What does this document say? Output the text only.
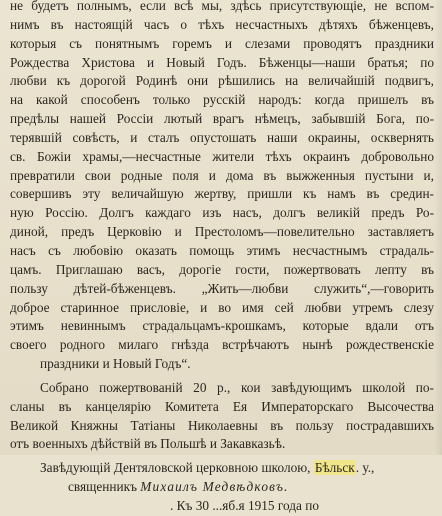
не будетъ полнымъ, если всѣ мы, здѣсь присутствующіе, не вспом-
нимъ въ настоящій часъ о тѣхъ несчастныхъ дѣтяхъ бѣженцевъ,
которыя съ понятнымъ горемъ и слезами проводятъ праздники
Рождества Христова и Новый Годъ. Бѣженцы—наши братья; по
любви къ дорогой Родинѣ они рѣшились на величайшій подвигъ,
на какой способенъ только русскій народъ: когда пришелъ въ
предѣлы нашей Россіи лютый врагъ нѣмецъ, забывшій Бога, по-
терявшій совѣсть, и сталъ опустошать наши окраины, осквернять
св. Божіи храмы,—несчастные жители тѣхъ окраинъ добровольно
превратили свои родные поля и дома въ выжженныя пустыни и,
совершивъ эту величайшую жертву, пришли къ намъ въ средин-
ную Россію. Долгъ каждаго изъ насъ, долгъ великій предъ Ро-
диной, предъ Церковію и Престоломъ—повелительно заставляетъ
насъ съ любовію оказать помощь этимъ несчастнымъ страдаль-
цамъ. Приглашаю васъ, дорогіе гости, пожертвовать лепту въ
пользу дѣтей-бѣженцевъ. „Жить—любви служить“,—говорить
доброе старинное присловіе, и во имя сей любви утремъ слезу
этимъ невиннымъ страдальцамъ-крошкамъ, которые вдали отъ
своего родного милаго гнѣзда встрѣчаютъ нынѣ рождественскіе
праздники и Новый Годъ“.
Собрано пожертвованій 20 р., кои завѣдующимъ школой по-
сланы въ канцелярію Комитета Ея Императорскаго Высочества
Великой Княжны Татіаны Николаевны въ пользу пострадавшихъ
отъ военныхъ дѣйствій въ Польшѣ и Закавказьѣ.
Завѣдующій Дентяловской церковною школою, Бѣльск. у.,
священникъ Михаилъ Медвѣдковъ.
. Къ 30 ...яб.я 1915 года по
